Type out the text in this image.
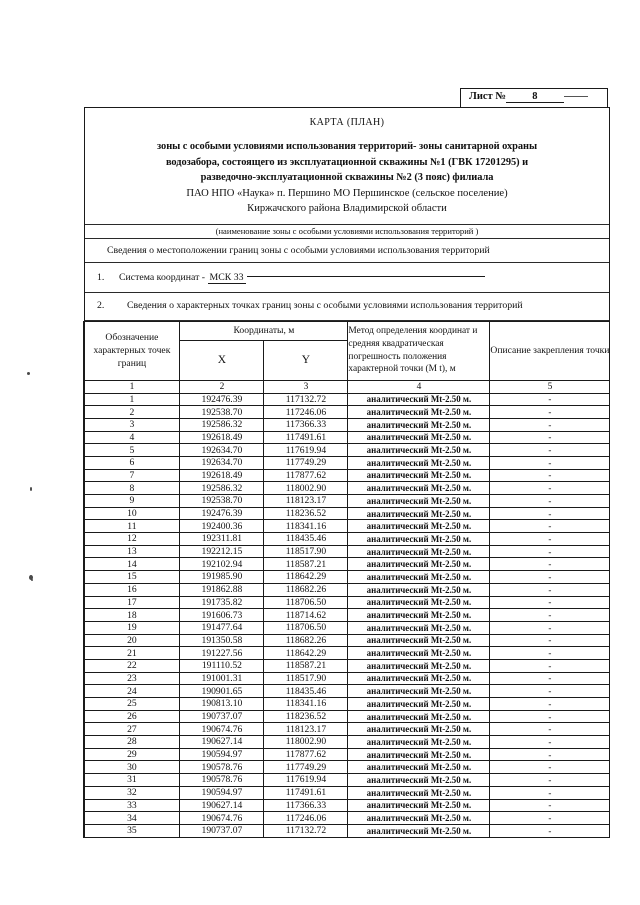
Лист №	8
КАРТА (ПЛАН)
зоны с особыми условиями использования территорий- зоны санитарной охраны
водозабора, состоящего из эксплуатационной скважины №1 (ГВК 17201295) и
разведочно-эксплуатационной скважины №2 (3 пояс) филиала
ПАО НПО «Наука» п. Першино МО Першинское (сельское поселение)
Киржачского района Владимирской области
(наименование зоны с особыми условиями использования территорий )
Сведения о местоположении границ зоны с особыми условиями использования территорий
1. Система координат - МСК 33
2. Сведения о характерных точках границ зоны с особыми условиями использования территорий
Обозначение характерных точек границ	Координаты, м		Метод определения координат и средняя квадратическая погрешность положения характерной точки (M t), м	Описание закрепления точки
	X	Y		
1	2	3	4	5
1	192476.39	117132.72	аналитический Mt-2.50 м.	-
2	192538.70	117246.06	аналитический Mt-2.50 м.	-
3	192586.32	117366.33	аналитический Mt-2.50 м.	-
4	192618.49	117491.61	аналитический Mt-2.50 м.	-
5	192634.70	117619.94	аналитический Mt-2.50 м.	-
6	192634.70	117749.29	аналитический Mt-2.50 м.	-
7	192618.49	117877.62	аналитический Mt-2.50 м.	-
8	192586.32	118002.90	аналитический Mt-2.50 м.	-
9	192538.70	118123.17	аналитический Mt-2.50 м.	-
10	192476.39	118236.52	аналитический Mt-2.50 м.	-
11	192400.36	118341.16	аналитический Mt-2.50 м.	-
12	192311.81	118435.46	аналитический Mt-2.50 м.	-
13	192212.15	118517.90	аналитический Mt-2.50 м.	-
14	192102.94	118587.21	аналитический Mt-2.50 м.	-
15	191985.90	118642.29	аналитический Mt-2.50 м.	-
16	191862.88	118682.26	аналитический Mt-2.50 м.	-
17	191735.82	118706.50	аналитический Mt-2.50 м.	-
18	191606.73	118714.62	аналитический Mt-2.50 м.	-
19	191477.64	118706.50	аналитический Mt-2.50 м.	-
20	191350.58	118682.26	аналитический Mt-2.50 м.	-
21	191227.56	118642.29	аналитический Mt-2.50 м.	-
22	191110.52	118587.21	аналитический Mt-2.50 м.	-
23	191001.31	118517.90	аналитический Mt-2.50 м.	-
24	190901.65	118435.46	аналитический Mt-2.50 м.	-
25	190813.10	118341.16	аналитический Mt-2.50 м.	-
26	190737.07	118236.52	аналитический Mt-2.50 м.	-
27	190674.76	118123.17	аналитический Mt-2.50 м.	-
28	190627.14	118002.90	аналитический Mt-2.50 м.	-
29	190594.97	117877.62	аналитический Mt-2.50 м.	-
30	190578.76	117749.29	аналитический Mt-2.50 м.	-
31	190578.76	117619.94	аналитический Mt-2.50 м.	-
32	190594.97	117491.61	аналитический Mt-2.50 м.	-
33	190627.14	117366.33	аналитический Mt-2.50 м.	-
34	190674.76	117246.06	аналитический Mt-2.50 м.	-
35	190737.07	117132.72	аналитический Mt-2.50 м.	-
